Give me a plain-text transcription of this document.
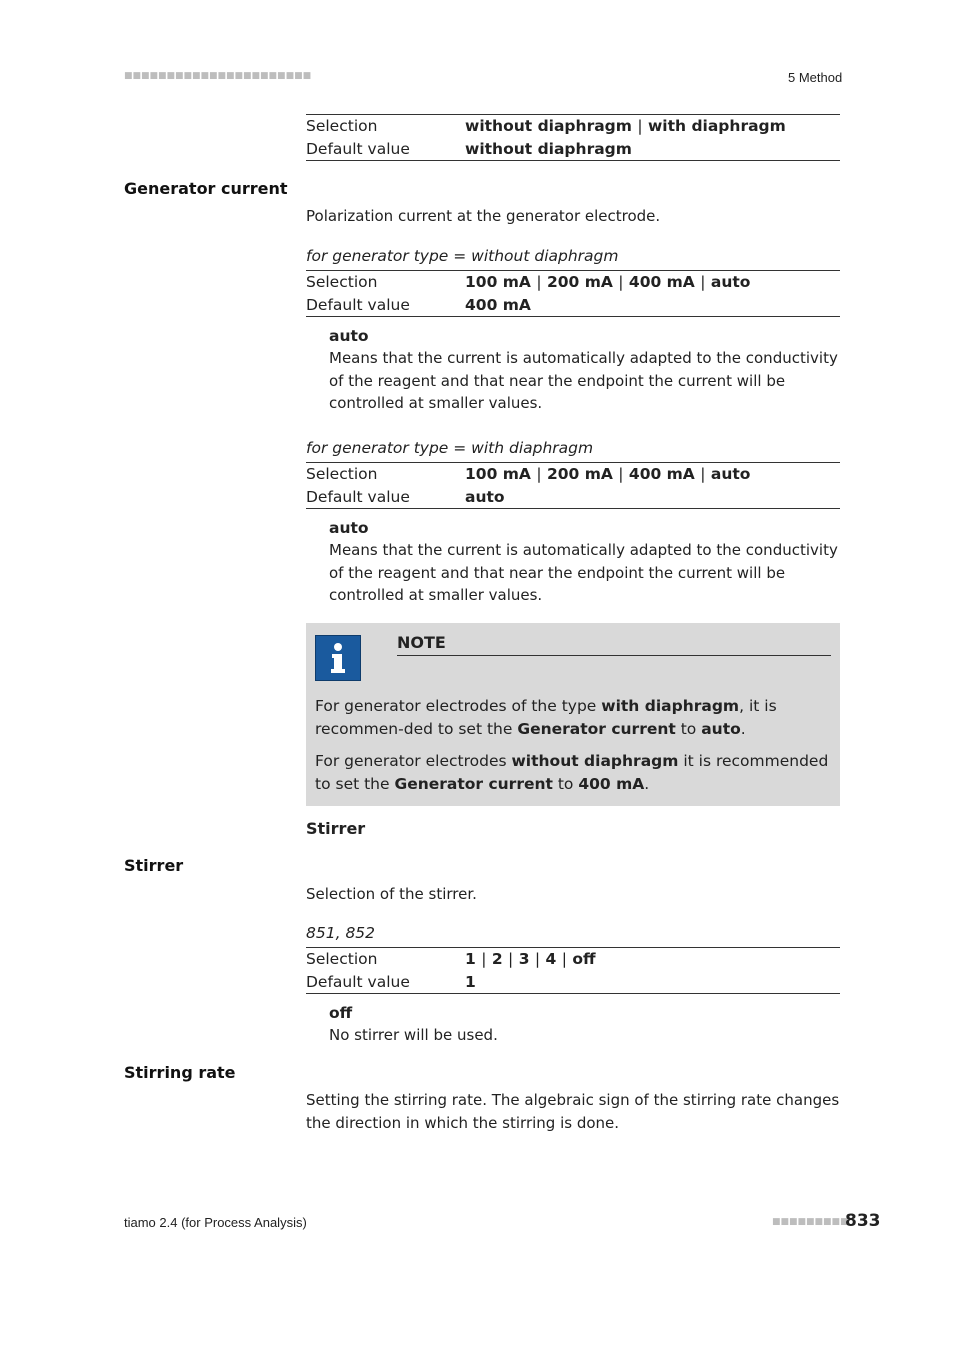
■■■■■■■■■■■■■■■■■■■■■■	5 Method
Selection	without diaphragm | with diaphragm
Default value	without diaphragm
Generator current

Polarization current at the generator electrode.

for generator type = without diaphragm
Selection	100 mA | 200 mA | 400 mA | auto
Default value	400 mA
auto

Means that the current is automatically adapted to the conductivity of the reagent and that near the endpoint the current will be controlled at smaller values.

for generator type = with diaphragm
Selection	100 mA | 200 mA | 400 mA | auto
Default value	auto
auto

Means that the current is automatically adapted to the conductivity of the reagent and that near the endpoint the current will be controlled at smaller values.

NOTE
For generator electrodes of the type with diaphragm, it is recommen-ded to set the Generator current to auto.
For generator electrodes without diaphragm it is recommended to set the Generator current to 400 mA.
Stirrer
Stirrer

Selection of the stirrer.

851, 852
Selection	1 | 2 | 3 | 4 | off
Default value	1
off

No stirrer will be used.

Stirring rate

Setting the stirring rate. The algebraic sign of the stirring rate changes the direction in which the stirring is done.

tiamo 2.4 (for Process Analysis)	■■■■■■■■■
833
